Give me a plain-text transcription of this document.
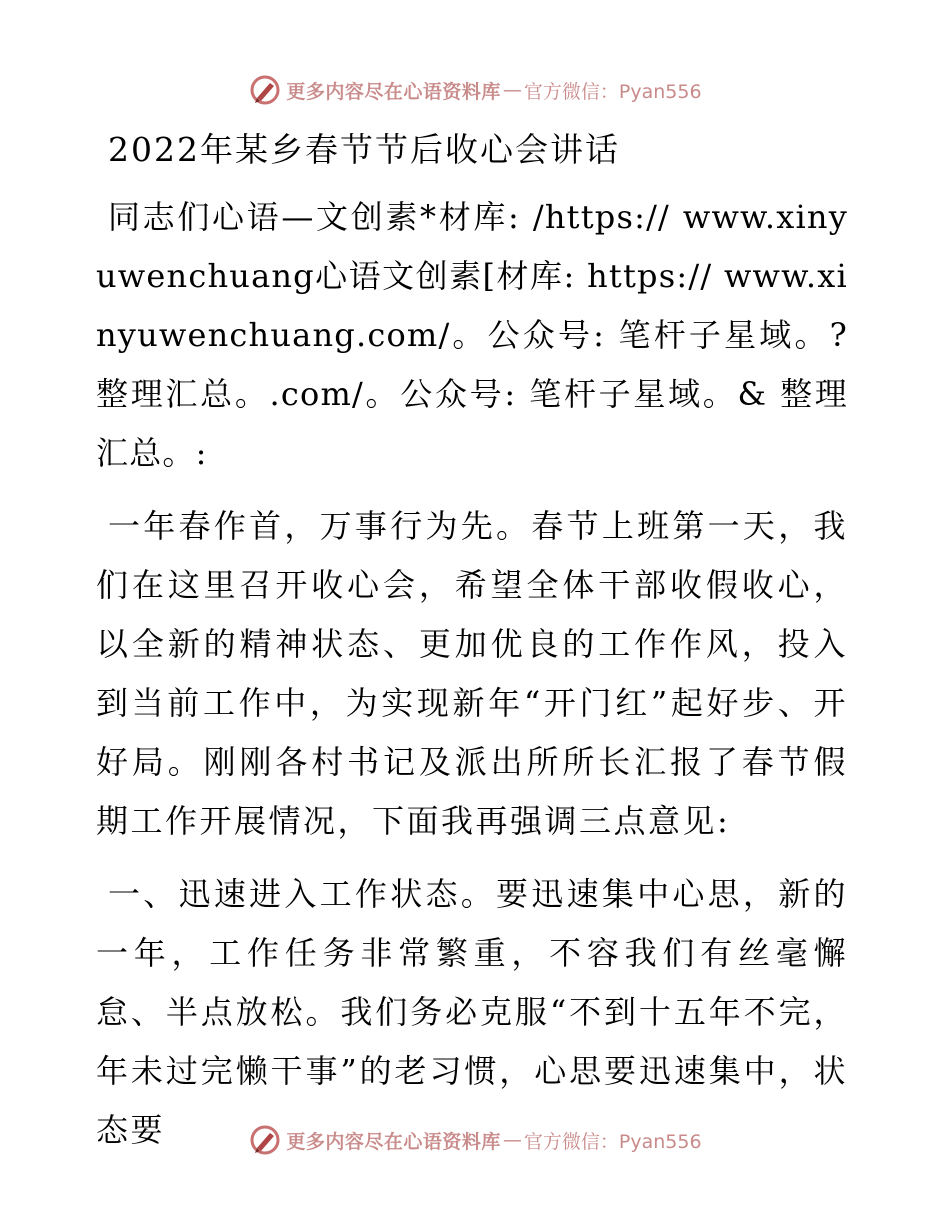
更多内容尽在心语资料库 — 官方微信：Pyan556
2022年某乡春节节后收心会讲话

同志们心语—文创素*材库: /https:// www.xinyuwenchuang心语文创素[材库: https:// www.xinyuwenchuang.com/。公众号: 笔杆子星域。?整理汇总。.com/。公众号: 笔杆子星域。& 整理汇总。:

一年春作首，万事行为先。春节上班第一天，我们在这里召开收心会，希望全体干部收假收心，以全新的精神状态、更加优良的工作作风，投入到当前工作中，为实现新年“开门红”起好步、开好局。刚刚各村书记及派出所所长汇报了春节假期工作开展情况，下面我再强调三点意见:

一、迅速进入工作状态。要迅速集中心思，新的一年，工作任务非常繁重，不容我们有丝毫懈怠、半点放松。我们务必克服“不到十五年不完，年未过完懒干事”的老习惯，心思要迅速集中，状态要	更多内容尽在心语资料库 — 官方微信：Pyan556
